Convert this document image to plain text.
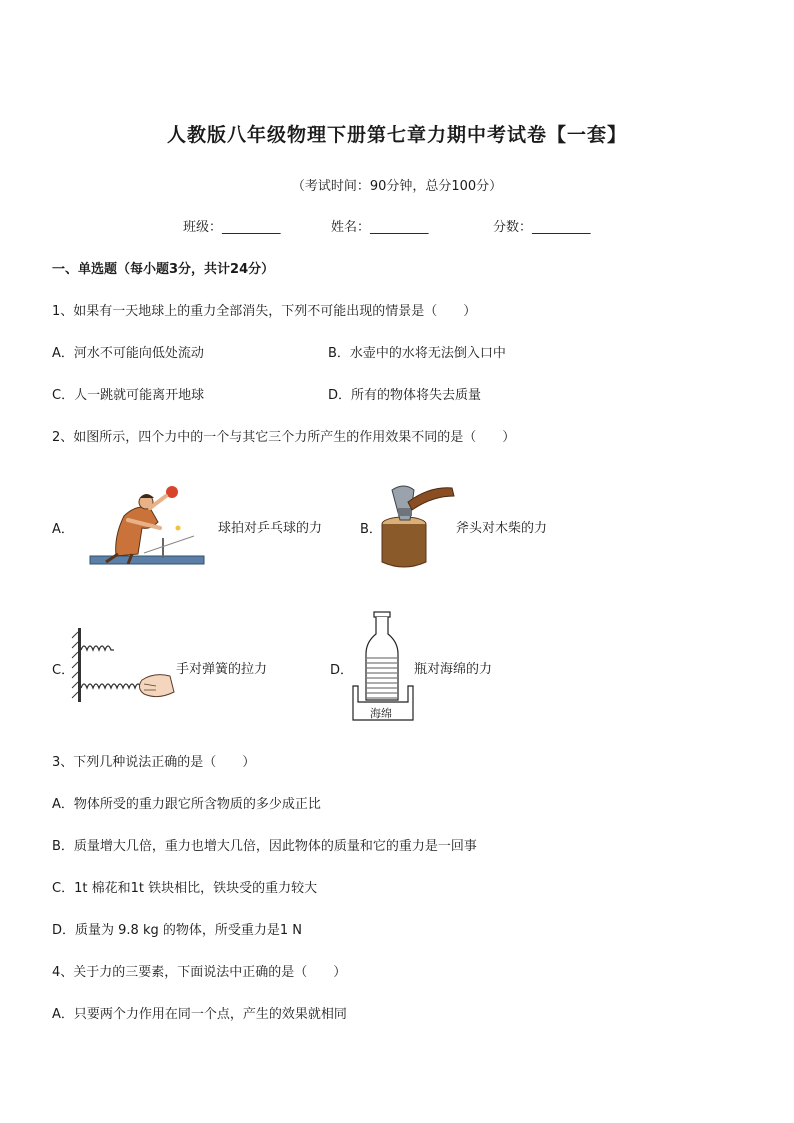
人教版八年级物理下册第七章力期中考试卷【一套】
（考试时间：90分钟，总分100分）
班级：_________	姓名：_________	分数：_________
一、单选题（每小题3分，共计24分）
1、如果有一天地球上的重力全部消失，下列不可能出现的情景是（　　）
A．河水不可能向低处流动	B．水壶中的水将无法倒入口中
C．人一跳就可能离开地球	D．所有的物体将失去质量
2、如图所示，四个力中的一个与其它三个力所产生的作用效果不同的是（　　）
A．	球拍对乒乓球的力	B．	斧头对木柴的力
C．	手对弹簧的拉力	D．
海绵
瓶对海绵的力
3、下列几种说法正确的是（　　）
A．物体所受的重力跟它所含物质的多少成正比
B．质量增大几倍，重力也增大几倍，因此物体的质量和它的重力是一回事
C．1t 棉花和1t 铁块相比，铁块受的重力较大
D．质量为 9.8 kg 的物体，所受重力是1 N
4、关于力的三要素，下面说法中正确的是（　　）
A．只要两个力作用在同一个点，产生的效果就相同
